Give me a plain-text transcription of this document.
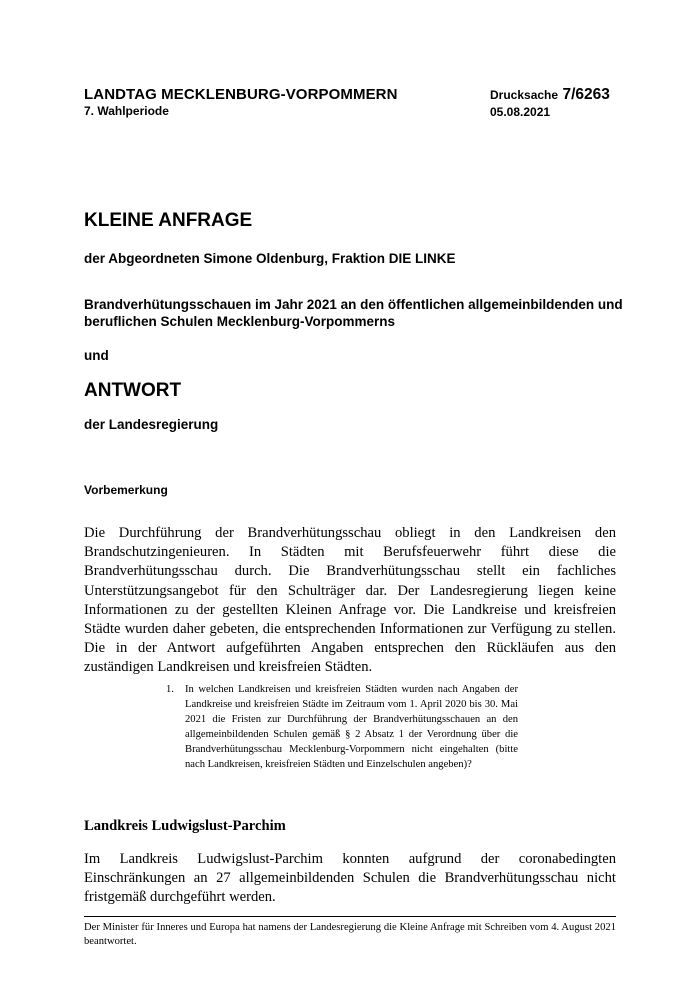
LANDTAG MECKLENBURG-VORPOMMERN
7. Wahlperiode
Drucksache 7/6263
05.08.2021
KLEINE ANFRAGE
der Abgeordneten Simone Oldenburg, Fraktion DIE LINKE
Brandverhütungsschauen im Jahr 2021 an den öffentlichen allgemeinbildenden und beruflichen Schulen Mecklenburg-Vorpommerns
und
ANTWORT
der Landesregierung
Vorbemerkung
Die Durchführung der Brandverhütungsschau obliegt in den Landkreisen den Brandschutzingenieuren. In Städten mit Berufsfeuerwehr führt diese die Brandverhütungsschau durch. Die Brandverhütungsschau stellt ein fachliches Unterstützungsangebot für den Schulträger dar. Der Landesregierung liegen keine Informationen zu der gestellten Kleinen Anfrage vor. Die Landkreise und kreisfreien Städte wurden daher gebeten, die entsprechenden Informationen zur Verfügung zu stellen. Die in der Antwort aufgeführten Angaben entsprechen den Rückläufen aus den zuständigen Landkreisen und kreisfreien Städten.
1.	In welchen Landkreisen und kreisfreien Städten wurden nach Angaben der Landkreise und kreisfreien Städte im Zeitraum vom 1. April 2020 bis 30. Mai 2021 die Fristen zur Durchführung der Brandverhütungsschauen an den allgemeinbildenden Schulen gemäß § 2 Absatz 1 der Verordnung über die Brandverhütungsschau Mecklenburg-Vorpommern nicht eingehalten (bitte nach Landkreisen, kreisfreien Städten und Einzelschulen angeben)?
Landkreis Ludwigslust-Parchim
Im Landkreis Ludwigslust-Parchim konnten aufgrund der coronabedingten Einschränkungen an 27 allgemeinbildenden Schulen die Brandverhütungsschau nicht fristgemäß durchgeführt werden.
Der Minister für Inneres und Europa hat namens der Landesregierung die Kleine Anfrage mit Schreiben vom 4. August 2021 beantwortet.
